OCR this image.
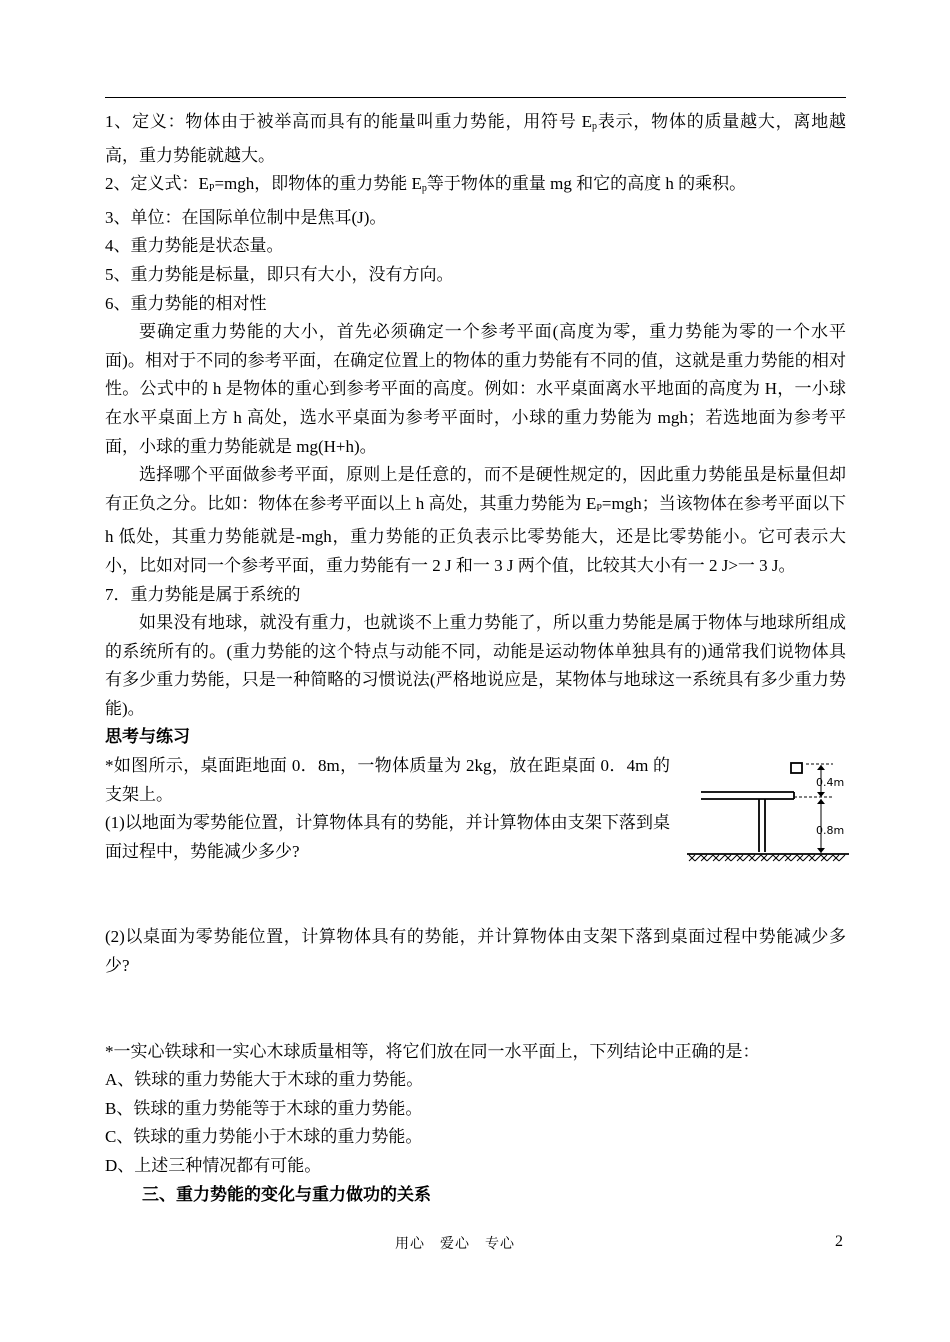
1、定义：物体由于被举高而具有的能量叫重力势能，用符号 $E_p$表示，物体的质量越大，离地越高，重力势能就越大。

2、定义式：$E_P=mgh$，即物体的重力势能 $E_p$等于物体的重量 mg 和它的高度 h 的乘积。

3、单位：在国际单位制中是焦耳(J)。

4、重力势能是状态量。

5、重力势能是标量，即只有大小，没有方向。

6、重力势能的相对性

要确定重力势能的大小，首先必须确定一个参考平面(高度为零，重力势能为零的一个水平面)。相对于不同的参考平面，在确定位置上的物体的重力势能有不同的值，这就是重力势能的相对性。公式中的 h 是物体的重心到参考平面的高度。例如：水平桌面离水平地面的高度为 H，一小球在水平桌面上方 h 高处，选水平桌面为参考平面时，小球的重力势能为 mgh；若选地面为参考平面，小球的重力势能就是 mg(H+h)。

选择哪个平面做参考平面，原则上是任意的，而不是硬性规定的，因此重力势能虽是标量但却有正负之分。比如：物体在参考平面以上 h 高处，其重力势能为 $E_P=mgh$；当该物体在参考平面以下 h 低处，其重力势能就是-mgh，重力势能的正负表示比零势能大，还是比零势能小。它可表示大小，比如对同一个参考平面，重力势能有一 2 J 和一 3 J 两个值，比较其大小有一 2 J>一 3 J。

7．重力势能是属于系统的

如果没有地球，就没有重力，也就谈不上重力势能了，所以重力势能是属于物体与地球所组成的系统所有的。(重力势能的这个特点与动能不同，动能是运动物体单独具有的)通常我们说物体具有多少重力势能，只是一种简略的习惯说法(严格地说应是，某物体与地球这一系统具有多少重力势能)。

思考与练习

*如图所示，桌面距地面 0．8m，一物体质量为 2kg，放在距桌面 0．4m 的支架上。

(1)以地面为零势能位置，计算物体具有的势能，并计算物体由支架下落到桌面过程中，势能减少多少?

0.4m
0.8m

(2)以桌面为零势能位置，计算物体具有的势能，并计算物体由支架下落到桌面过程中势能减少多少?

*一实心铁球和一实心木球质量相等，将它们放在同一水平面上，下列结论中正确的是：

A、铁球的重力势能大于木球的重力势能。

B、铁球的重力势能等于木球的重力势能。

C、铁球的重力势能小于木球的重力势能。

D、上述三种情况都有可能。

三、重力势能的变化与重力做功的关系

用心　爱心　专心	2
